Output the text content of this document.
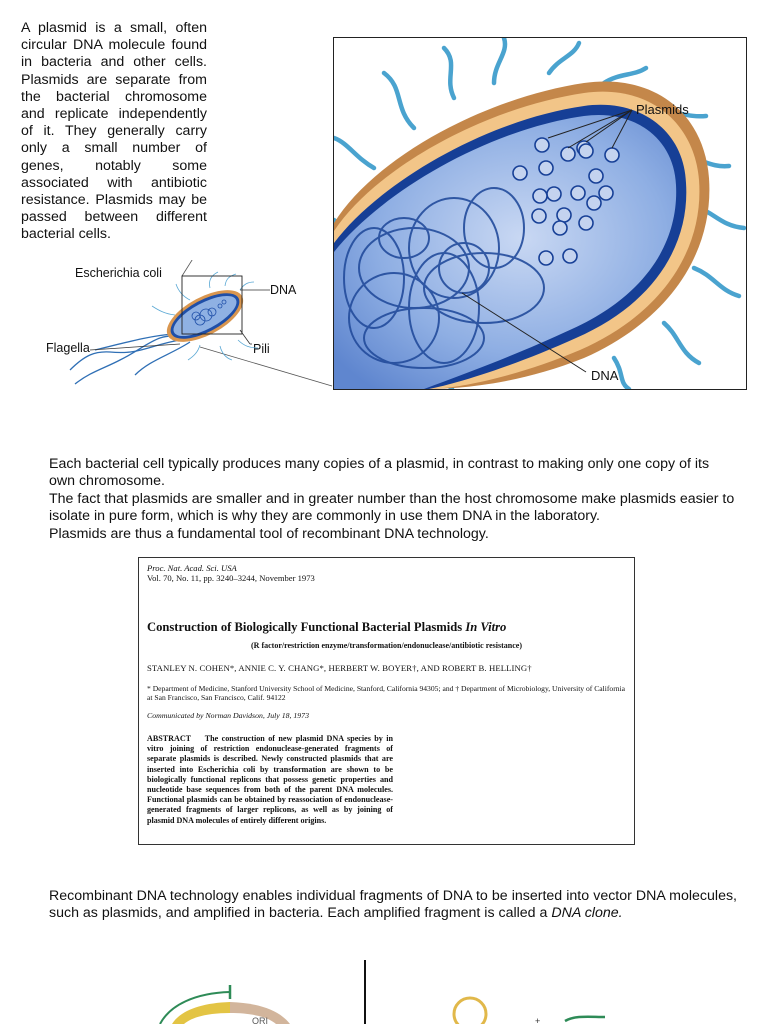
A plasmid is a small, often circular DNA molecule found in bacteria and other cells. Plasmids are separate from the bacterial chromosome and replicate independently of it. They generally carry only a small number of genes, notably some associated with antibiotic resistance. Plasmids may be passed between different bacterial cells.
Escherichia coli
DNA
Flagella	Pili
Plasmids
DNA

Each bacterial cell typically produces many copies of a plasmid, in contrast to making only one copy of its own chromosome.

The fact that plasmids are smaller and in greater number than the host chromosome make plasmids easier to isolate in pure form, which is why they are commonly in use them DNA in the laboratory.

Plasmids are thus a fundamental tool of recombinant DNA technology.

Proc. Nat. Acad. Sci. USA
Vol. 70, No. 11, pp. 3240–3244, November 1973
Construction of Biologically Functional Bacterial Plasmids In Vitro
(R factor/restriction enzyme/transformation/endonuclease/antibiotic resistance)
STANLEY N. COHEN*, ANNIE C. Y. CHANG*, HERBERT W. BOYER†, AND ROBERT B. HELLING†
* Department of Medicine, Stanford University School of Medicine, Stanford, California 94305; and † Department of Microbiology, University of California at San Francisco, San Francisco, Calif. 94122
Communicated by Norman Davidson, July 18, 1973
ABSTRACT The construction of new plasmid DNA species by in vitro joining of restriction endonuclease-generated fragments of separate plasmids is described. Newly constructed plasmids that are inserted into Escherichia coli by transformation are shown to be biologically functional replicons that possess genetic properties and nucleotide base sequences from both of the parent DNA molecules. Functional plasmids can be obtained by reassociation of endonuclease-generated fragments of larger replicons, as well as by joining of plasmid DNA molecules of entirely different origins.
Recombinant DNA technology enables individual fragments of DNA to be inserted into vector DNA molecules, such as plasmids, and amplified in bacteria. Each amplified fragment is called a DNA clone.
ORI	+
